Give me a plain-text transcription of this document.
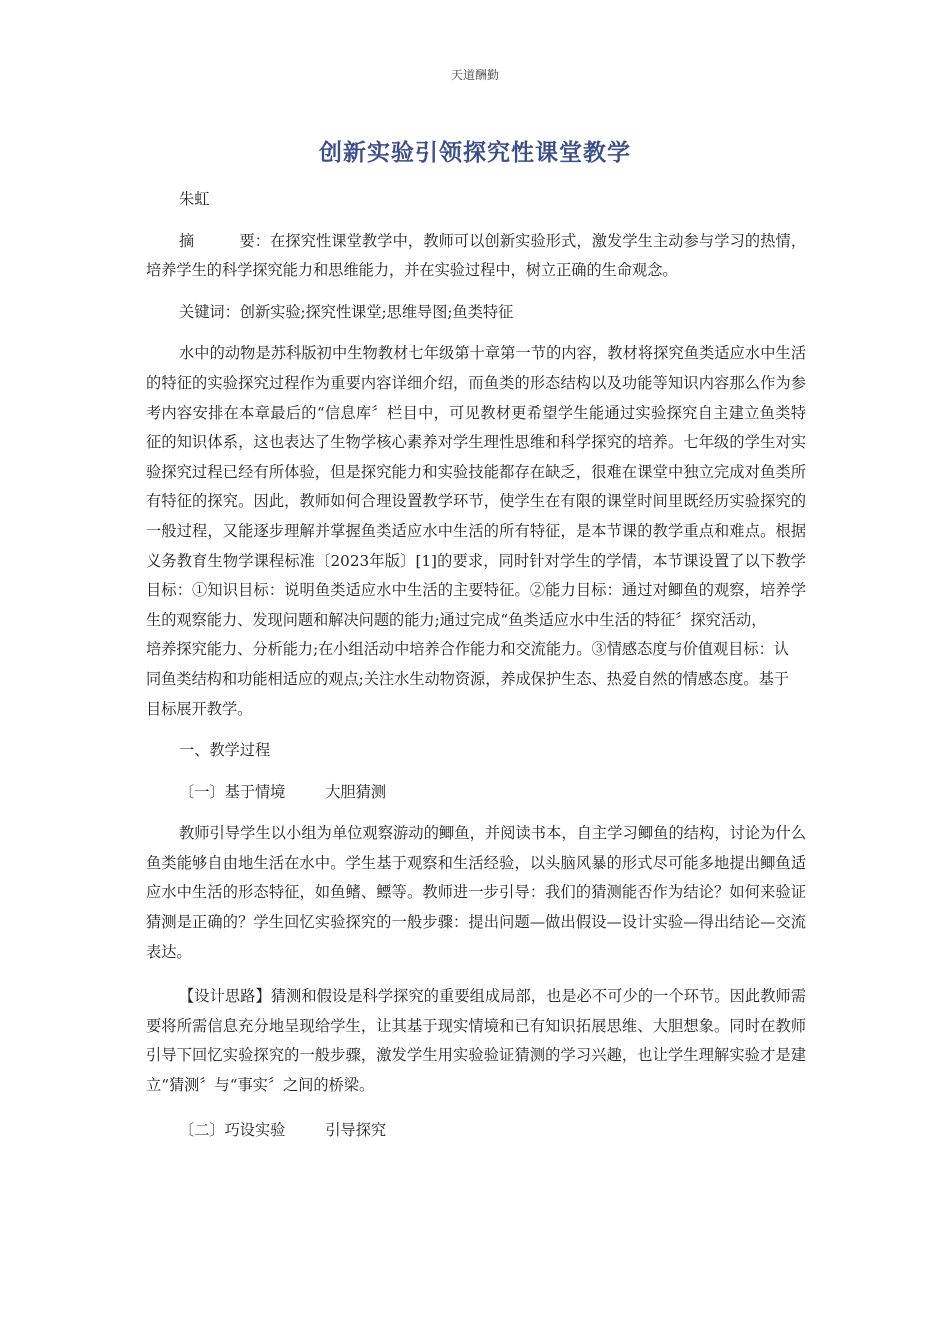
天道酬勤
创新实验引领探究性课堂教学

朱虹

摘	要：在探究性课堂教学中，教师可以创新实验形式，激发学生主动参与学习的热情，培养学生的科学探究能力和思维能力，并在实验过程中，树立正确的生命观念。

关键词：创新实验;探究性课堂;思维导图;鱼类特征

水中的动物是苏科版初中生物教材七年级第十章第一节的内容，教材将探究鱼类适应水中生活的特征的实验探究过程作为重要内容详细介绍，而鱼类的形态结构以及功能等知识内容那么作为参考内容安排在本章最后的“信息库〞栏目中，可见教材更希望学生能通过实验探究自主建立鱼类特征的知识体系，这也表达了生物学核心素养对学生理性思维和科学探究的培养。七年级的学生对实验探究过程已经有所体验，但是探究能力和实验技能都存在缺乏，很难在课堂中独立完成对鱼类所有特征的探究。因此，教师如何合理设置教学环节，使学生在有限的课堂时间里既经历实验探究的一般过程，又能逐步理解并掌握鱼类适应水中生活的所有特征，是本节课的教学重点和难点。根据义务教育生物学课程标准〔2023年版〕[1]的要求，同时针对学生的学情，本节课设置了以下教学目标：①知识目标：说明鱼类适应水中生活的主要特征。②能力目标：通过对鲫鱼的观察，培养学生的观察能力、发现问题和解决问题的能力;通过完成“鱼类适应水中生活的特征〞探究活动，

培养探究能力、分析能力;在小组活动中培养合作能力和交流能力。③情感态度与价值观目标：认同鱼类结构和功能相适应的观点;关注水生动物资源，养成保护生态、热爱自然的情感态度。基于目标展开教学。

一、教学过程

〔一〕基于情境	大胆猜测

教师引导学生以小组为单位观察游动的鲫鱼，并阅读书本，自主学习鲫鱼的结构，讨论为什么鱼类能够自由地生活在水中。学生基于观察和生活经验，以头脑风暴的形式尽可能多地提出鲫鱼适应水中生活的形态特征，如鱼鳍、鳔等。教师进一步引导：我们的猜测能否作为结论？如何来验证猜测是正确的？学生回忆实验探究的一般步骤：提出问题—做出假设—设计实验—得出结论—交流表达。

【设计思路】猜测和假设是科学探究的重要组成局部，也是必不可少的一个环节。因此教师需要将所需信息充分地呈现给学生，让其基于现实情境和已有知识拓展思维、大胆想象。同时在教师引导下回忆实验探究的一般步骤，激发学生用实验验证猜测的学习兴趣，也让学生理解实验才是建立“猜测〞与“事实〞之间的桥梁。

〔二〕巧设实验	引导探究
